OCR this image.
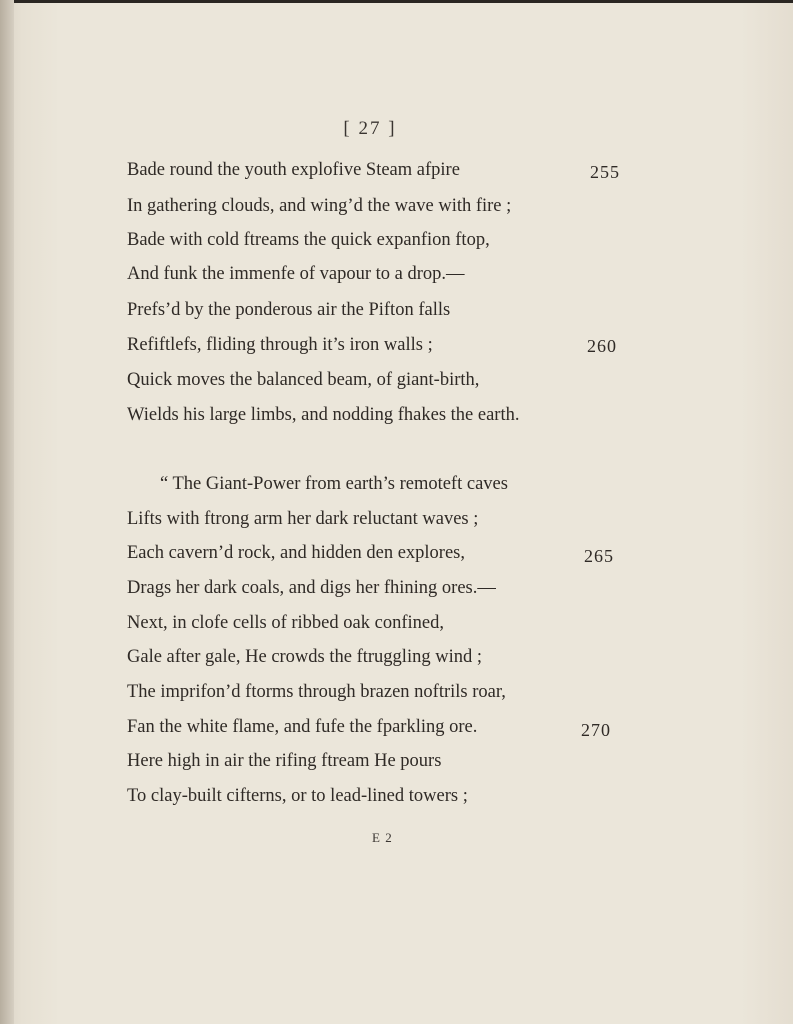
[ 27 ]
Bade round the youth explofive Steam afpire	255
In gathering clouds, and wing’d the wave with fire ;
Bade with cold ftreams the quick expanfion ftop,
And funk the immenfe of vapour to a drop.—
Prefs’d by the ponderous air the Pifton falls
Refiftlefs, fliding through it’s iron walls ;	260
Quick moves the balanced beam, of giant-birth,
Wields his large limbs, and nodding fhakes the earth.
“ The Giant-Power from earth’s remoteft caves
Lifts with ftrong arm her dark reluctant waves ;
Each cavern’d rock, and hidden den explores,	265
Drags her dark coals, and digs her fhining ores.—
Next, in clofe cells of ribbed oak confined,
Gale after gale, He crowds the ftruggling wind ;
The imprifon’d ftorms through brazen noftrils roar,
Fan the white flame, and fufe the fparkling ore.	270
Here high in air the rifing ftream He pours
To clay-built cifterns, or to lead-lined towers ;
E 2
